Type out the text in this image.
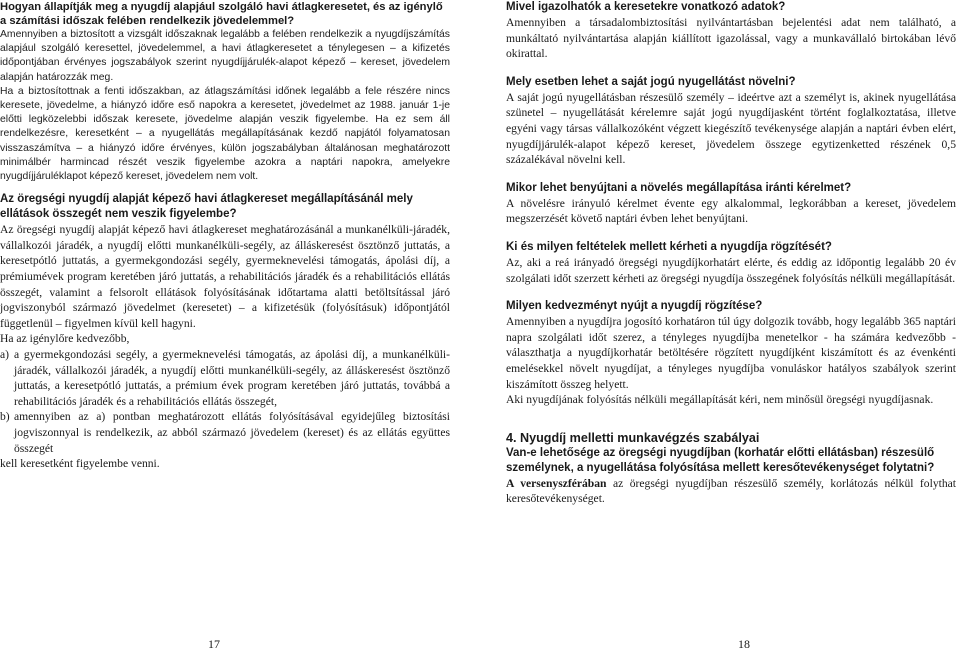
Hogyan állapítják meg a nyugdíj alapjául szolgáló havi átlagkeresetet, és az igénylő a számítási időszak felében rendelkezik jövedelemmel?

Amennyiben a biztosított a vizsgált időszaknak legalább a felében rendelkezik a nyugdíjszámítás alapjául szolgáló keresettel, jövedelemmel, a havi átlagkeresetet a ténylegesen – a kifizetés időpontjában érvényes jogszabályok szerint nyugdíjjárulék-alapot képező – kereset, jövedelem alapján határozzák meg.

Ha a biztosítottnak a fenti időszakban, az átlagszámítási időnek legalább a fele részére nincs keresete, jövedelme, a hiányzó időre eső napokra a keresetet, jövedelmet az 1988. január 1-je előtti legközelebbi időszak keresete, jövedelme alapján veszik figyelembe. Ha ez sem áll rendelkezésre, keresetként – a nyugellátás megállapításának kezdő napjától folyamatosan visszaszámítva – a hiányzó időre érvényes, külön jogszabályban általánosan meghatározott minimálbér harmincad részét veszik figyelembe azokra a naptári napokra, amelyekre nyugdíjjáruléklapot képező kereset, jövedelem nem volt.

Az öregségi nyugdíj alapját képező havi átlagkereset megállapításánál mely ellátások összegét nem veszik figyelembe?

Az öregségi nyugdíj alapját képező havi átlagkereset meghatározásánál a munkanélküli-járadék, vállalkozói járadék, a nyugdíj előtti munkanélküli-segély, az álláskeresést ösztönző juttatás, a keresetpótló juttatás, a gyermekgondozási segély, gyermeknevelési támogatás, ápolási díj, a prémiumévek program keretében járó juttatás, a rehabilitációs járadék és a rehabilitációs ellátás összegét, valamint a felsorolt ellátások folyósításának időtartama alatti betöltsítással járó jogviszonyból származó jövedelmet (keresetet) – a kifizetésük (folyósításuk) időpontjától függetlenül – figyelmen kívül kell hagyni.

Ha az igénylőre kedvezőbb,

a) a gyermekgondozási segély, a gyermeknevelési támogatás, az ápolási díj, a munkanélküli-járadék, vállalkozói járadék, a nyugdíj előtti munkanélküli-segély, az álláskeresést ösztönző juttatás, a keresetpótló juttatás, a prémium évek program keretében járó juttatás, továbbá a rehabilitációs járadék és a rehabilitációs ellátás összegét,
b) amennyiben az a) pontban meghatározott ellátás folyósításával egyidejűleg biztosítási jogviszonnyal is rendelkezik, az abból származó jövedelem (kereset) és az ellátás együttes összegét

kell keresetként figyelembe venni.

Mivel igazolhatók a keresetekre vonatkozó adatok?

Amennyiben a társadalombiztosítási nyilvántartásban bejelentési adat nem található, a munkáltató nyilvántartása alapján kiállított igazolással, vagy a munkavállaló birtokában lévő okirattal.

Mely esetben lehet a saját jogú nyugellátást növelni?

A saját jogú nyugellátásban részesülő személy – ideértve azt a személyt is, akinek nyugellátása szünetel – nyugellátását kérelemre saját jogú nyugdíjasként történt foglalkoztatása, illetve egyéni vagy társas vállalkozóként végzett kiegészítő tevékenysége alapján a naptári évben elért, nyugdíjjárulék-alapot képező kereset, jövedelem összege egytizenketted részének 0,5 százalékával növelni kell.

Mikor lehet benyújtani a növelés megállapítása iránti kérelmet?

A növelésre irányuló kérelmet évente egy alkalommal, legkorábban a kereset, jövedelem megszerzését követő naptári évben lehet benyújtani.

Ki és milyen feltételek mellett kérheti a nyugdíja rögzítését?

Az, aki a reá irányadó öregségi nyugdíjkorhatárt elérte, és eddig az időpontig legalább 20 év szolgálati időt szerzett kérheti az öregségi nyugdíja összegének folyósítás nélküli megállapítását.

Milyen kedvezményt nyújt a nyugdíj rögzítése?

Amennyiben a nyugdíjra jogosító korhatáron túl úgy dolgozik tovább, hogy legalább 365 naptári napra szolgálati időt szerez, a tényleges nyugdíjba menetelkor - ha számára kedvezőbb - választhatja a nyugdíjkorhatár betöltésére rögzített nyugdíjként kiszámított és az évenkénti emelésekkel növelt nyugdíjat, a tényleges nyugdíjba vonuláskor hatályos szabályok szerint kiszámított összeg helyett.

Aki nyugdíjának folyósítás nélküli megállapítását kéri, nem minősül öregségi nyugdíjasnak.

4. Nyugdíj melletti munkavégzés szabályai
Van-e lehetősége az öregségi nyugdíjban (korhatár előtti ellátásban) részesülő személynek, a nyugellátása folyósítása mellett keresőtevékenységet folytatni?

A versenyszférában az öregségi nyugdíjban részesülő személy, korlátozás nélkül folythat keresőtevékenységet.

17	18
